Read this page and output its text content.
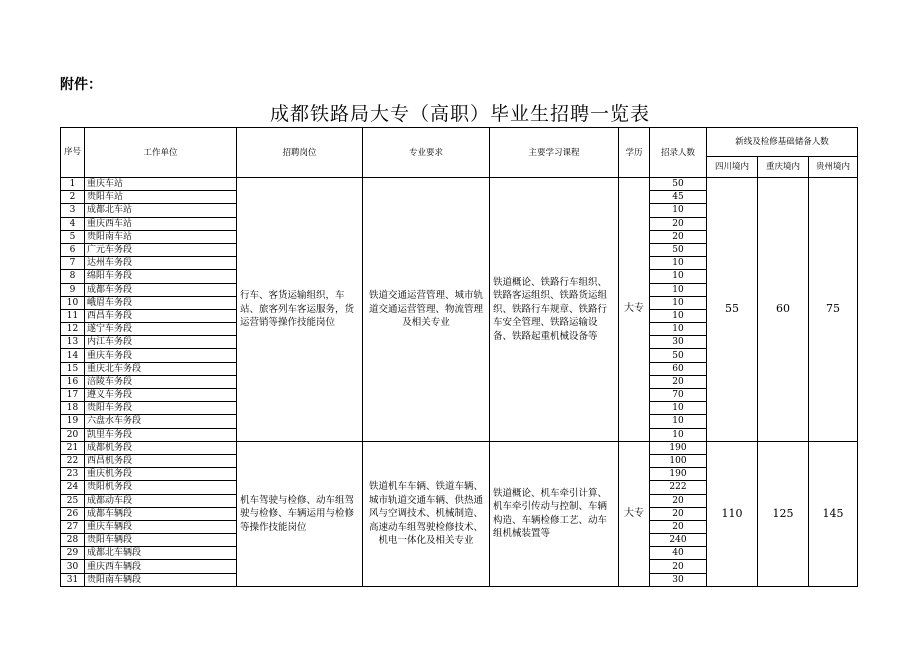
附件：
成都铁路局大专（高职）毕业生招聘一览表
序号	工作单位	招聘岗位	专业要求	主要学习课程	学历	招录人数	新线及检修基础储备人数		
							四川境内	重庆境内	贵州境内
1	重庆车站	行车、客货运输组织，车站、旅客列车客运服务，货运营销等操作技能岗位	铁道交通运营管理、城市轨道交通运营管理、物流管理及相关专业	铁道概论、铁路行车组织、铁路客运组织、铁路货运组织、铁路行车规章、铁路行车安全管理、铁路运输设备、铁路起重机械设备等	大专	50	55	60	75
2	贵阳车站					45			
3	成都北车站					10			
4	重庆西车站					20			
5	贵阳南车站					20			
6	广元车务段					50			
7	达州车务段					10			
8	绵阳车务段					10			
9	成都车务段					10			
10	峨眉车务段					10			
11	西昌车务段					10			
12	遂宁车务段					10			
13	内江车务段					30			
14	重庆车务段					50			
15	重庆北车务段					60			
16	涪陵车务段					20			
17	遵义车务段					70			
18	贵阳车务段					10			
19	六盘水车务段					10			
20	凯里车务段					10			
21	成都机务段	机车驾驶与检修、动车组驾驶与检修、车辆运用与检修等操作技能岗位	铁道机车车辆、铁道车辆、城市轨道交通车辆、供热通风与空调技术、机械制造、高速动车组驾驶检修技术、机电一体化及相关专业	铁道概论、机车牵引计算、机车牵引传动与控制、车辆构造、车辆检修工艺、动车组机械装置等	大专	190	110	125	145
22	西昌机务段					100			
23	重庆机务段					190			
24	贵阳机务段					222			
25	成都动车段					20			
26	成都车辆段					20			
27	重庆车辆段					20			
28	贵阳车辆段					240			
29	成都北车辆段					40			
30	重庆西车辆段					20			
31	贵阳南车辆段					30			
